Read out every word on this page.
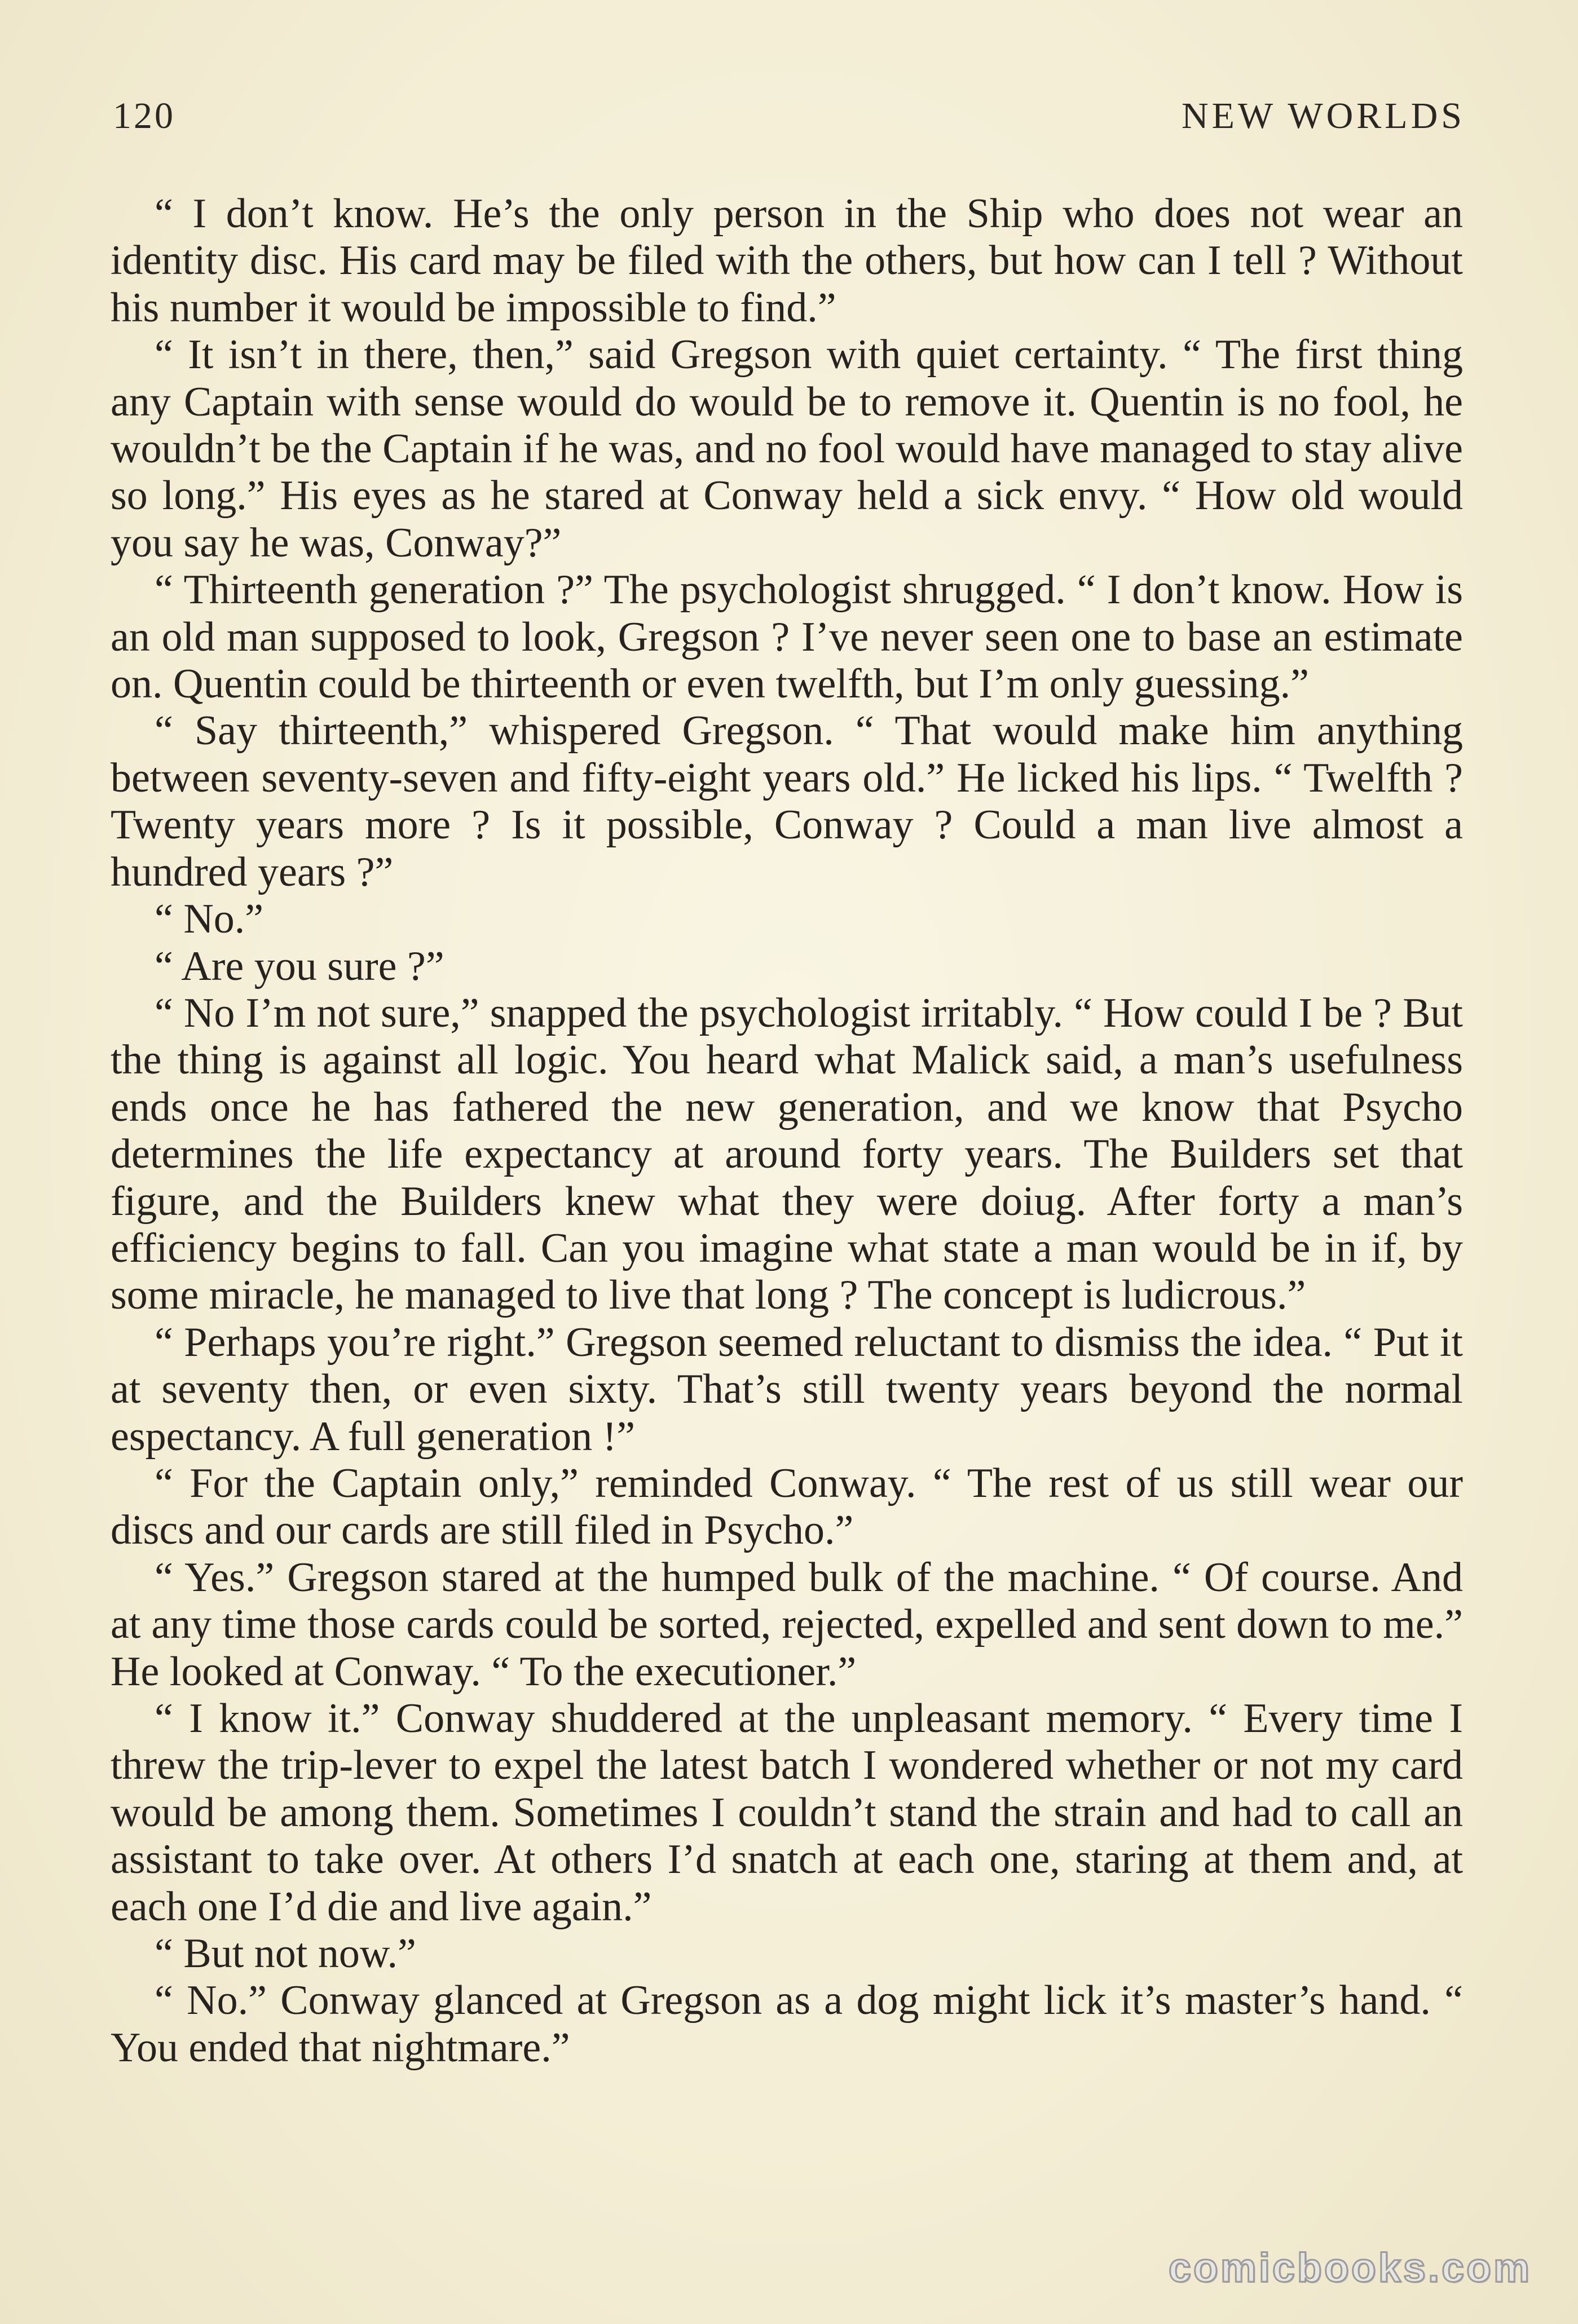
120	NEW WORLDS

“ I don’t know. He’s the only person in the Ship who does not wear an identity disc. His card may be filed with the others, but how can I tell ? Without his number it would be impossible to find.”

“ It isn’t in there, then,” said Gregson with quiet certainty. “ The first thing any Captain with sense would do would be to remove it. Quentin is no fool, he wouldn’t be the Captain if he was, and no fool would have managed to stay alive so long.” His eyes as he stared at Conway held a sick envy. “ How old would you say he was, Conway?”

“ Thirteenth generation ?” The psychologist shrugged. “ I don’t know. How is an old man supposed to look, Gregson ? I’ve never seen one to base an estimate on. Quentin could be thirteenth or even twelfth, but I’m only guessing.”

“ Say thirteenth,” whispered Gregson. “ That would make him anything between seventy-seven and fifty-eight years old.” He licked his lips. “ Twelfth ? Twenty years more ? Is it possible, Conway ? Could a man live almost a hundred years ?”

“ No.”

“ Are you sure ?”

“ No I’m not sure,” snapped the psychologist irritably. “ How could I be ? But the thing is against all logic. You heard what Malick said, a man’s usefulness ends once he has fathered the new generation, and we know that Psycho determines the life expectancy at around forty years. The Builders set that figure, and the Builders knew what they were doiug. After forty a man’s efficiency begins to fall. Can you imagine what state a man would be in if, by some miracle, he managed to live that long ? The concept is ludicrous.”

“ Perhaps you’re right.” Gregson seemed reluctant to dismiss the idea. “ Put it at seventy then, or even sixty. That’s still twenty years beyond the normal espectancy. A full generation !”

“ For the Captain only,” reminded Conway. “ The rest of us still wear our discs and our cards are still filed in Psycho.”

“ Yes.” Gregson stared at the humped bulk of the machine. “ Of course. And at any time those cards could be sorted, rejected, expelled and sent down to me.” He looked at Conway. “ To the executioner.”

“ I know it.” Conway shuddered at the unpleasant memory. “ Every time I threw the trip-lever to expel the latest batch I wondered whether or not my card would be among them. Sometimes I couldn’t stand the strain and had to call an assistant to take over. At others I’d snatch at each one, staring at them and, at each one I’d die and live again.”

“ But not now.”

“ No.” Conway glanced at Gregson as a dog might lick it’s master’s hand. “ You ended that nightmare.”

comicbooks.com
